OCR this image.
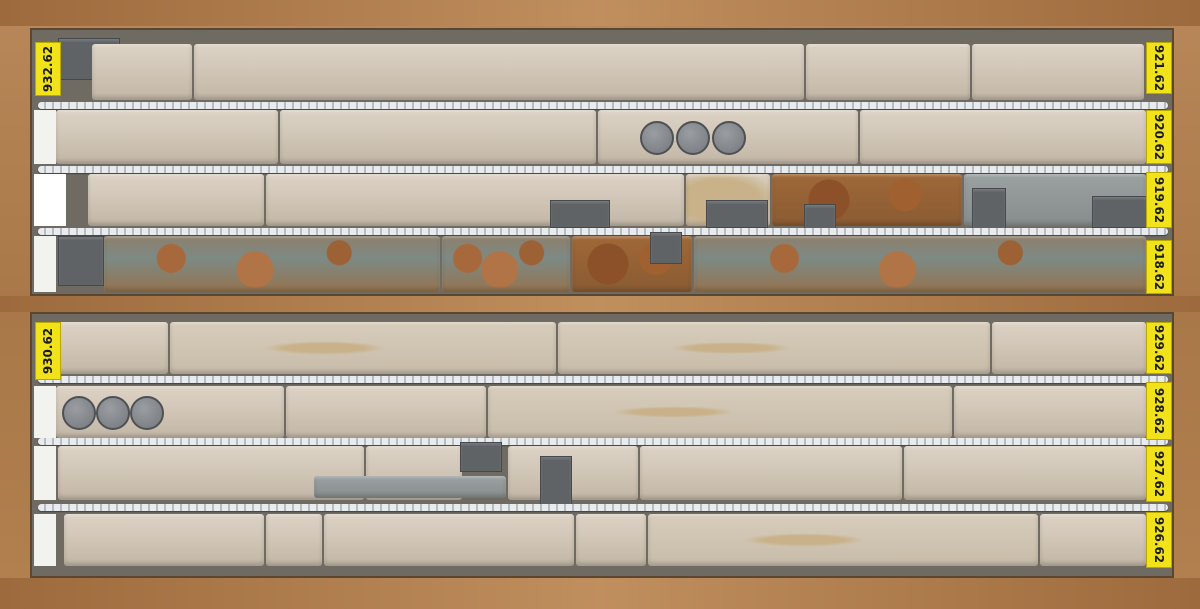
932.62	921.62
920.62
919.62
918.62
930.62	929.62
928.62
927.62
926.62
